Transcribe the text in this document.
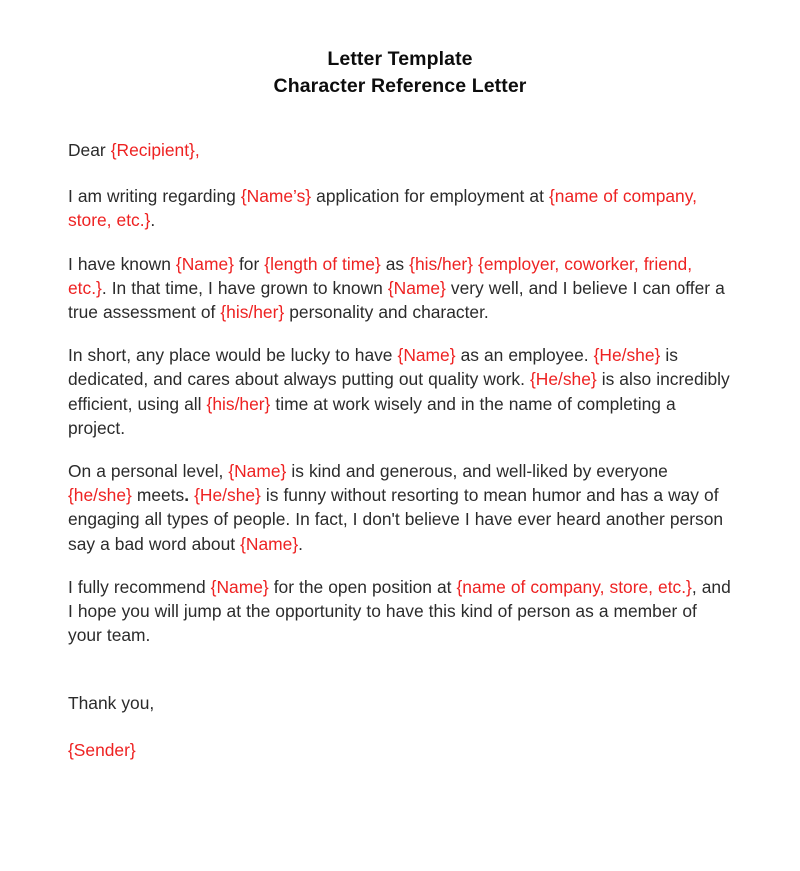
Letter Template
Character Reference Letter

Dear {Recipient},

I am writing regarding {Name’s} application for employment at {name of company, store, etc.}.

I have known {Name} for {length of time} as {his/her} {employer, coworker, friend, etc.}. In that time, I have grown to known {Name} very well, and I believe I can offer a true assessment of {his/her} personality and character.

In short, any place would be lucky to have {Name} as an employee. {He/she} is dedicated, and cares about always putting out quality work. {He/she} is also incredibly efficient, using all {his/her} time at work wisely and in the name of completing a project.

On a personal level, {Name} is kind and generous, and well-liked by everyone {he/she} meets. {He/she} is funny without resorting to mean humor and has a way of engaging all types of people. In fact, I don't believe I have ever heard another person say a bad word about {Name}.

I fully recommend {Name} for the open position at {name of company, store, etc.}, and I hope you will jump at the opportunity to have this kind of person as a member of your team.

Thank you,

{Sender}
